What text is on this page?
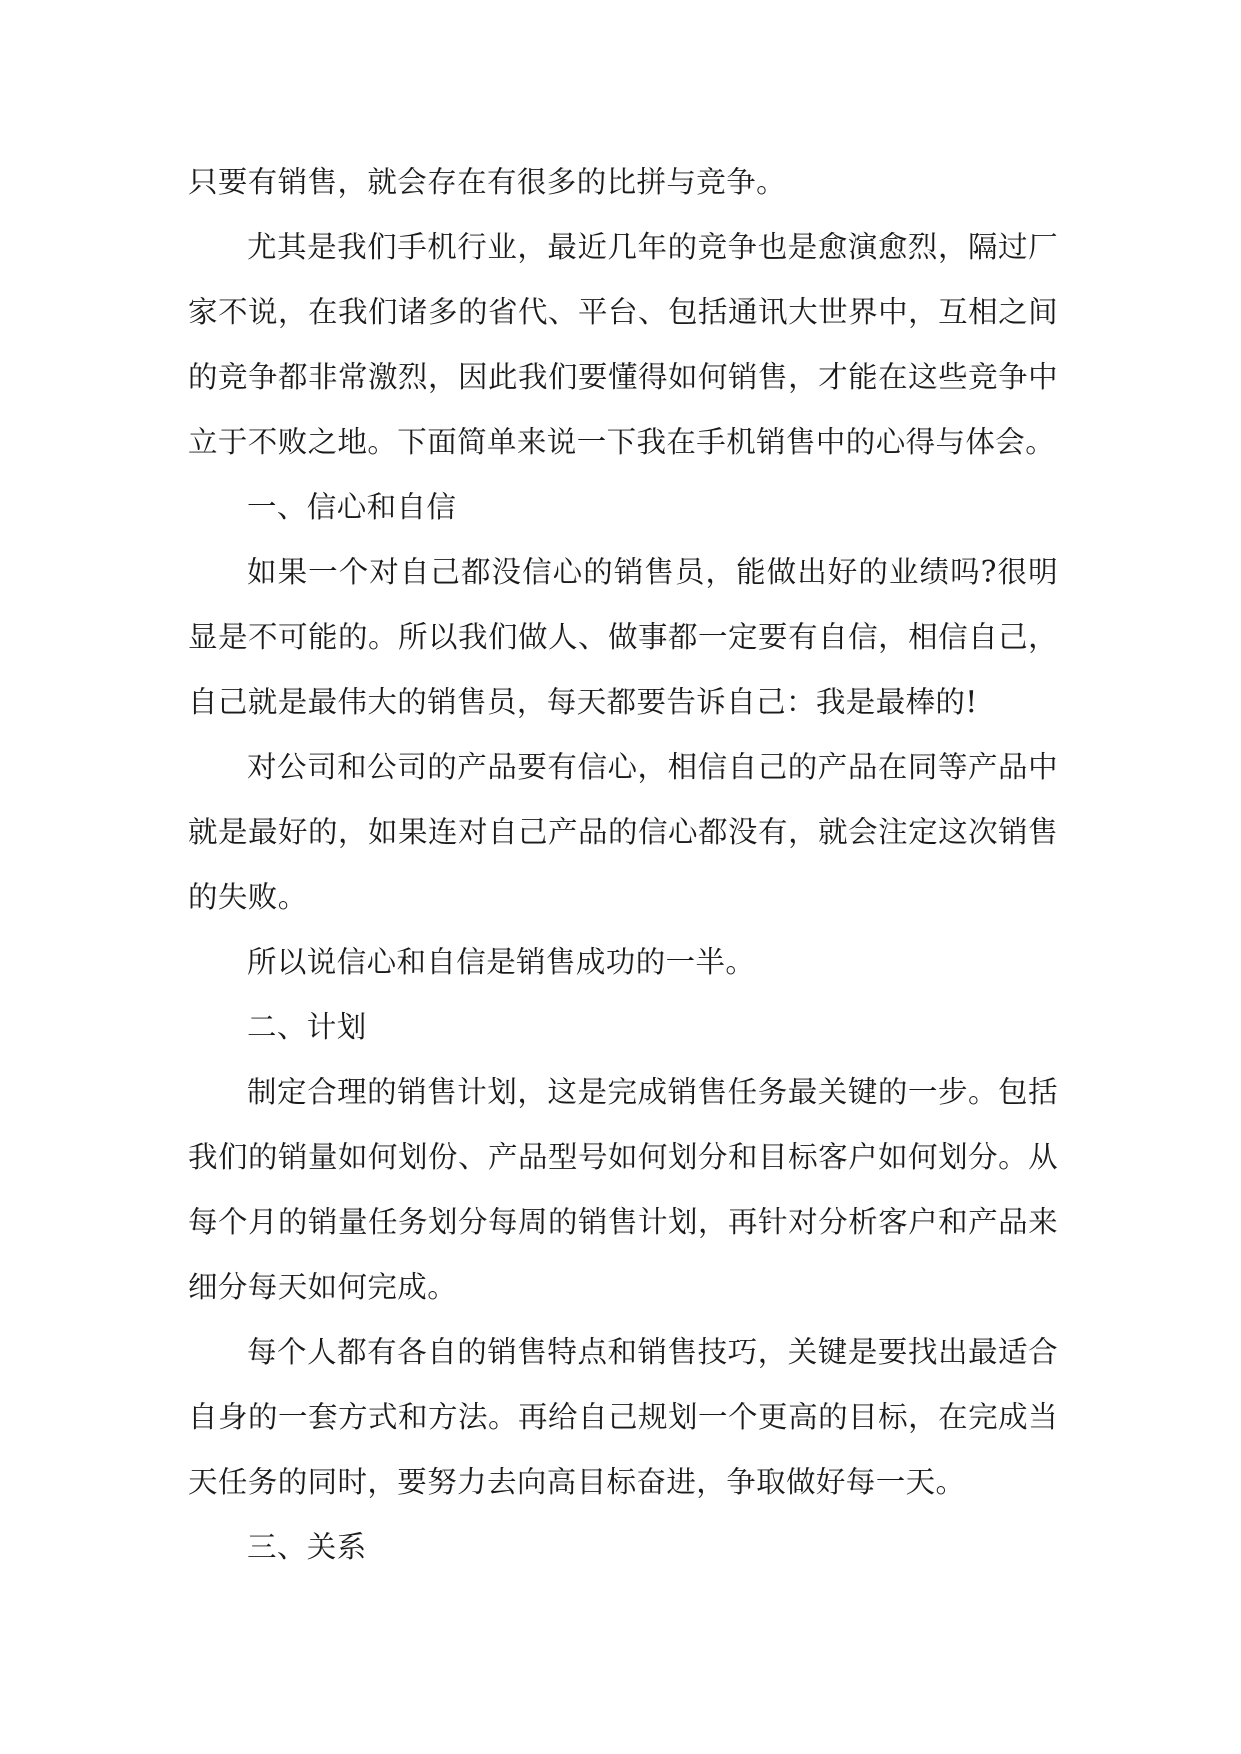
只要有销售，就会存在有很多的比拼与竞争。

尤其是我们手机行业，最近几年的竞争也是愈演愈烈，隔过厂家不说，在我们诸多的省代、平台、包括通讯大世界中，互相之间的竞争都非常激烈，因此我们要懂得如何销售，才能在这些竞争中立于不败之地。下面简单来说一下我在手机销售中的心得与体会。

一、信心和自信

如果一个对自己都没信心的销售员，能做出好的业绩吗?很明显是不可能的。所以我们做人、做事都一定要有自信，相信自己，自己就是最伟大的销售员，每天都要告诉自己：我是最棒的!

对公司和公司的产品要有信心，相信自己的产品在同等产品中就是最好的，如果连对自己产品的信心都没有，就会注定这次销售的失败。

所以说信心和自信是销售成功的一半。

二、计划

制定合理的销售计划，这是完成销售任务最关键的一步。包括我们的销量如何划份、产品型号如何划分和目标客户如何划分。从每个月的销量任务划分每周的销售计划，再针对分析客户和产品来细分每天如何完成。

每个人都有各自的销售特点和销售技巧，关键是要找出最适合自身的一套方式和方法。再给自己规划一个更高的目标，在完成当天任务的同时，要努力去向高目标奋进，争取做好每一天。

三、关系
